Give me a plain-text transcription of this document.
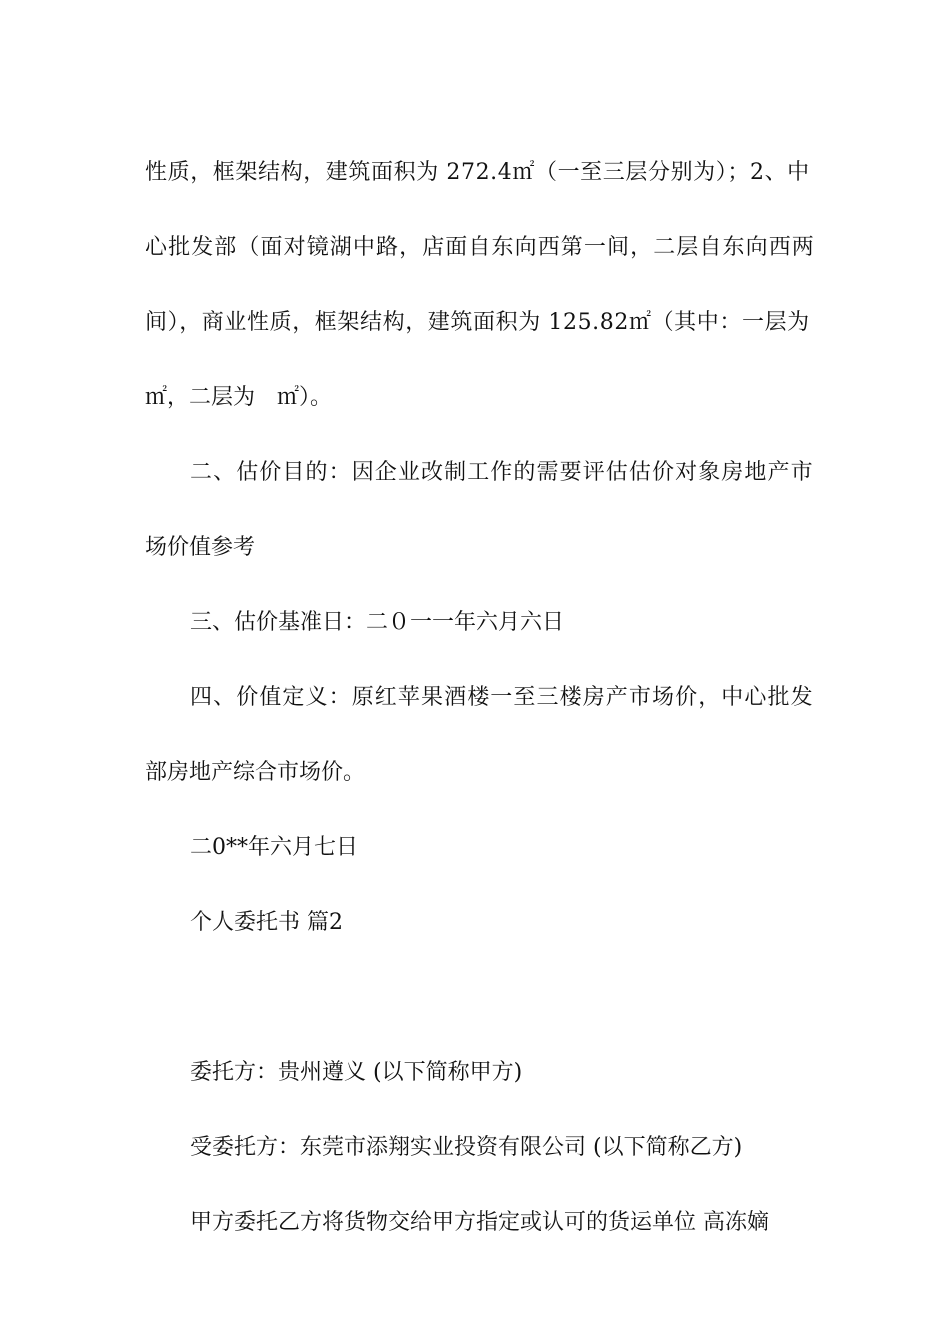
性质，框架结构，建筑面积为 272.4㎡（一至三层分别为）；2、中

心批发部（面对镜湖中路，店面自东向西第一间，二层自东向西两

间），商业性质，框架结构，建筑面积为 125.82㎡（其中：一层为

㎡，二层为　㎡）。

二、估价目的：因企业改制工作的需要评估估价对象房地产市

场价值参考

三、估价基准日：二０一一年六月六日

四、价值定义：原红苹果酒楼一至三楼房产市场价，中心批发

部房地产综合市场价。

二0**年六月七日

个人委托书 篇2

委托方：贵州遵义 (以下简称甲方)

受委托方：东莞市添翔实业投资有限公司 (以下简称乙方)

甲方委托乙方将货物交给甲方指定或认可的货运单位 高冻嫡
